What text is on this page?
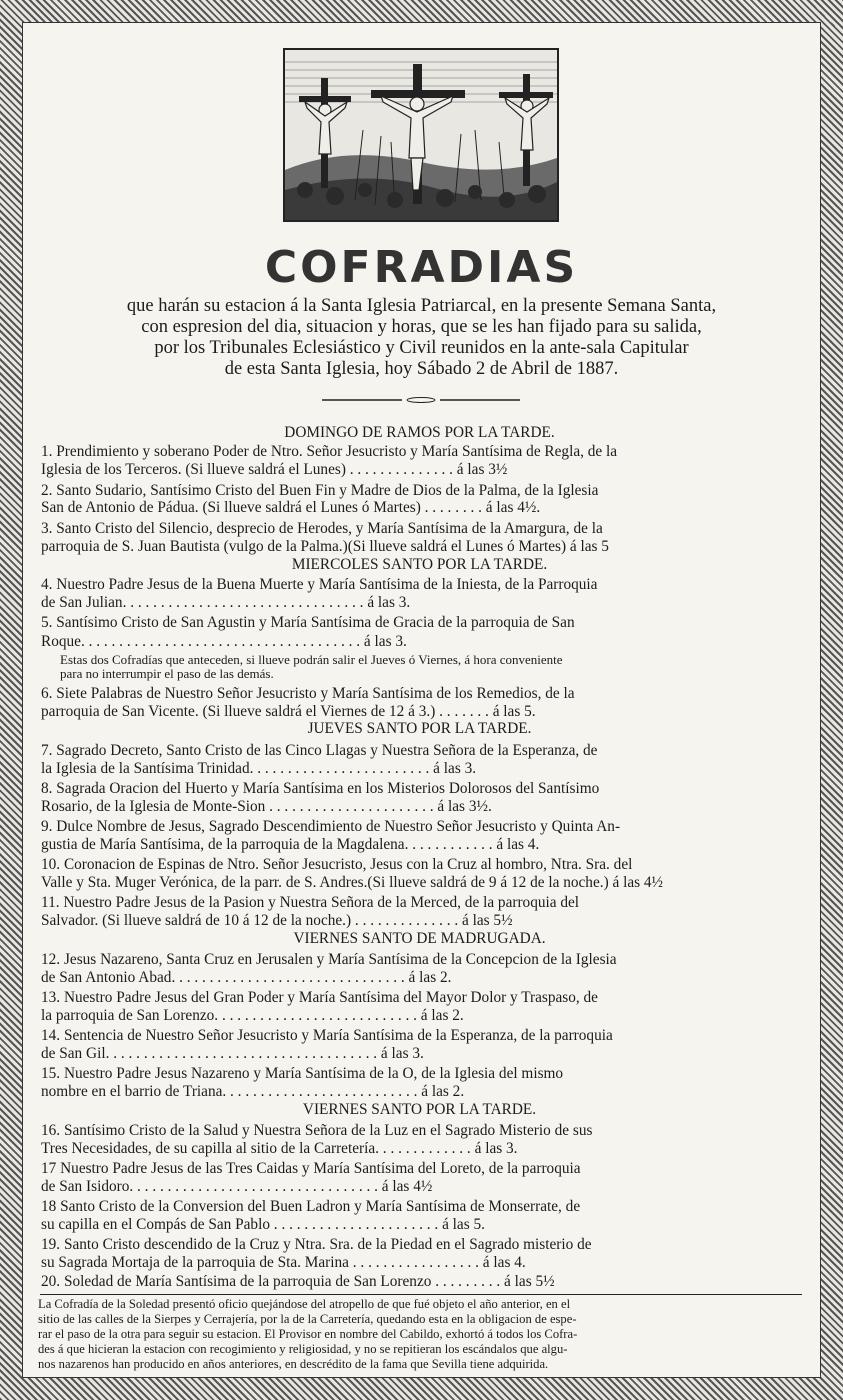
COFRADIAS
que harán su estacion á la Santa Iglesia Patriarcal, en la presente Semana Santa,
con espresion del dia, situacion y horas, que se les han fijado para su salida,
por los Tribunales Eclesiástico y Civil reunidos en la ante-sala Capitular
de esta Santa Iglesia, hoy Sábado 2 de Abril de 1887.
DOMINGO DE RAMOS POR LA TARDE.
1. Prendimiento y soberano Poder de Ntro. Señor Jesucristo y María Santísima de Regla, de la
Iglesia de los Terceros. (Si llueve saldrá el Lunes) . . . . . . . . . . . . . . á las 3½
2. Santo Sudario, Santísimo Cristo del Buen Fin y Madre de Dios de la Palma, de la Iglesia
San de Antonio de Pádua. (Si llueve saldrá el Lunes ó Martes) . . . . . . . . á las 4½.
3. Santo Cristo del Silencio, desprecio de Herodes, y María Santísima de la Amargura, de la
parroquia de S. Juan Bautista (vulgo de la Palma.)(Si llueve saldrá el Lunes ó Martes) á las 5
MIERCOLES SANTO POR LA TARDE.
4. Nuestro Padre Jesus de la Buena Muerte y María Santísima de la Iniesta, de la Parroquia
de San Julian. . . . . . . . . . . . . . . . . . . . . . . . . . . . . . . . á las 3.
5. Santísimo Cristo de San Agustin y María Santísima de Gracia de la parroquia de San
Roque. . . . . . . . . . . . . . . . . . . . . . . . . . . . . . . . . . . . . á las 3.
Estas dos Cofradías que anteceden, si llueve podrán salir el Jueves ó Viernes, á hora conveniente
para no interrumpir el paso de las demás.
6. Siete Palabras de Nuestro Señor Jesucristo y María Santísima de los Remedios, de la
parroquia de San Vicente. (Si llueve saldrá el Viernes de 12 á 3.) . . . . . . . á las 5.
JUEVES SANTO POR LA TARDE.
7. Sagrado Decreto, Santo Cristo de las Cinco Llagas y Nuestra Señora de la Esperanza, de
la Iglesia de la Santísima Trinidad. . . . . . . . . . . . . . . . . . . . . . . . á las 3.
8. Sagrada Oracion del Huerto y María Santísima en los Misterios Dolorosos del Santísimo
Rosario, de la Iglesia de Monte-Sion . . . . . . . . . . . . . . . . . . . . . . á las 3½.
9. Dulce Nombre de Jesus, Sagrado Descendimiento de Nuestro Señor Jesucristo y Quinta An-
gustia de María Santísima, de la parroquia de la Magdalena. . . . . . . . . . . . á las 4.
10. Coronacion de Espinas de Ntro. Señor Jesucristo, Jesus con la Cruz al hombro, Ntra. Sra. del
Valle y Sta. Muger Verónica, de la parr. de S. Andres.(Si llueve saldrá de 9 á 12 de la noche.) á las 4½
11. Nuestro Padre Jesus de la Pasion y Nuestra Señora de la Merced, de la parroquia del
Salvador. (Si llueve saldrá de 10 á 12 de la noche.) . . . . . . . . . . . . . . á las 5½
VIERNES SANTO DE MADRUGADA.
12. Jesus Nazareno, Santa Cruz en Jerusalen y María Santísima de la Concepcion de la Iglesia
de San Antonio Abad. . . . . . . . . . . . . . . . . . . . . . . . . . . . . . . á las 2.
13. Nuestro Padre Jesus del Gran Poder y María Santísima del Mayor Dolor y Traspaso, de
la parroquia de San Lorenzo. . . . . . . . . . . . . . . . . . . . . . . . . . . á las 2.
14. Sentencia de Nuestro Señor Jesucristo y María Santísima de la Esperanza, de la parroquia
de San Gil. . . . . . . . . . . . . . . . . . . . . . . . . . . . . . . . . . . . á las 3.
15. Nuestro Padre Jesus Nazareno y María Santísima de la O, de la Iglesia del mismo
nombre en el barrio de Triana. . . . . . . . . . . . . . . . . . . . . . . . . . á las 2.
VIERNES SANTO POR LA TARDE.
16. Santísimo Cristo de la Salud y Nuestra Señora de la Luz en el Sagrado Misterio de sus
Tres Necesidades, de su capilla al sitio de la Carretería. . . . . . . . . . . . . á las 3.
17 Nuestro Padre Jesus de las Tres Caidas y María Santísima del Loreto, de la parroquia
de San Isidoro. . . . . . . . . . . . . . . . . . . . . . . . . . . . . . . . . á las 4½
18 Santo Cristo de la Conversion del Buen Ladron y María Santísima de Monserrate, de
su capilla en el Compás de San Pablo . . . . . . . . . . . . . . . . . . . . . . á las 5.
19. Santo Cristo descendido de la Cruz y Ntra. Sra. de la Piedad en el Sagrado misterio de
su Sagrada Mortaja de la parroquia de Sta. Marina . . . . . . . . . . . . . . . . . á las 4.
20. Soledad de María Santísima de la parroquia de San Lorenzo . . . . . . . . . á las 5½
La Cofradía de la Soledad presentó oficio quejándose del atropello de que fué objeto el año anterior, en el
sitio de las calles de la Sierpes y Cerrajería, por la de la Carretería, quedando esta en la obligacion de espe-
rar el paso de la otra para seguir su estacion. El Provisor en nombre del Cabildo, exhortó á todos los Cofra-
des á que hicieran la estacion con recogimiento y religiosidad, y no se repitieran los escándalos que algu-
nos nazarenos han producido en años anteriores, en descrédito de la fama que Sevilla tiene adquirida.
